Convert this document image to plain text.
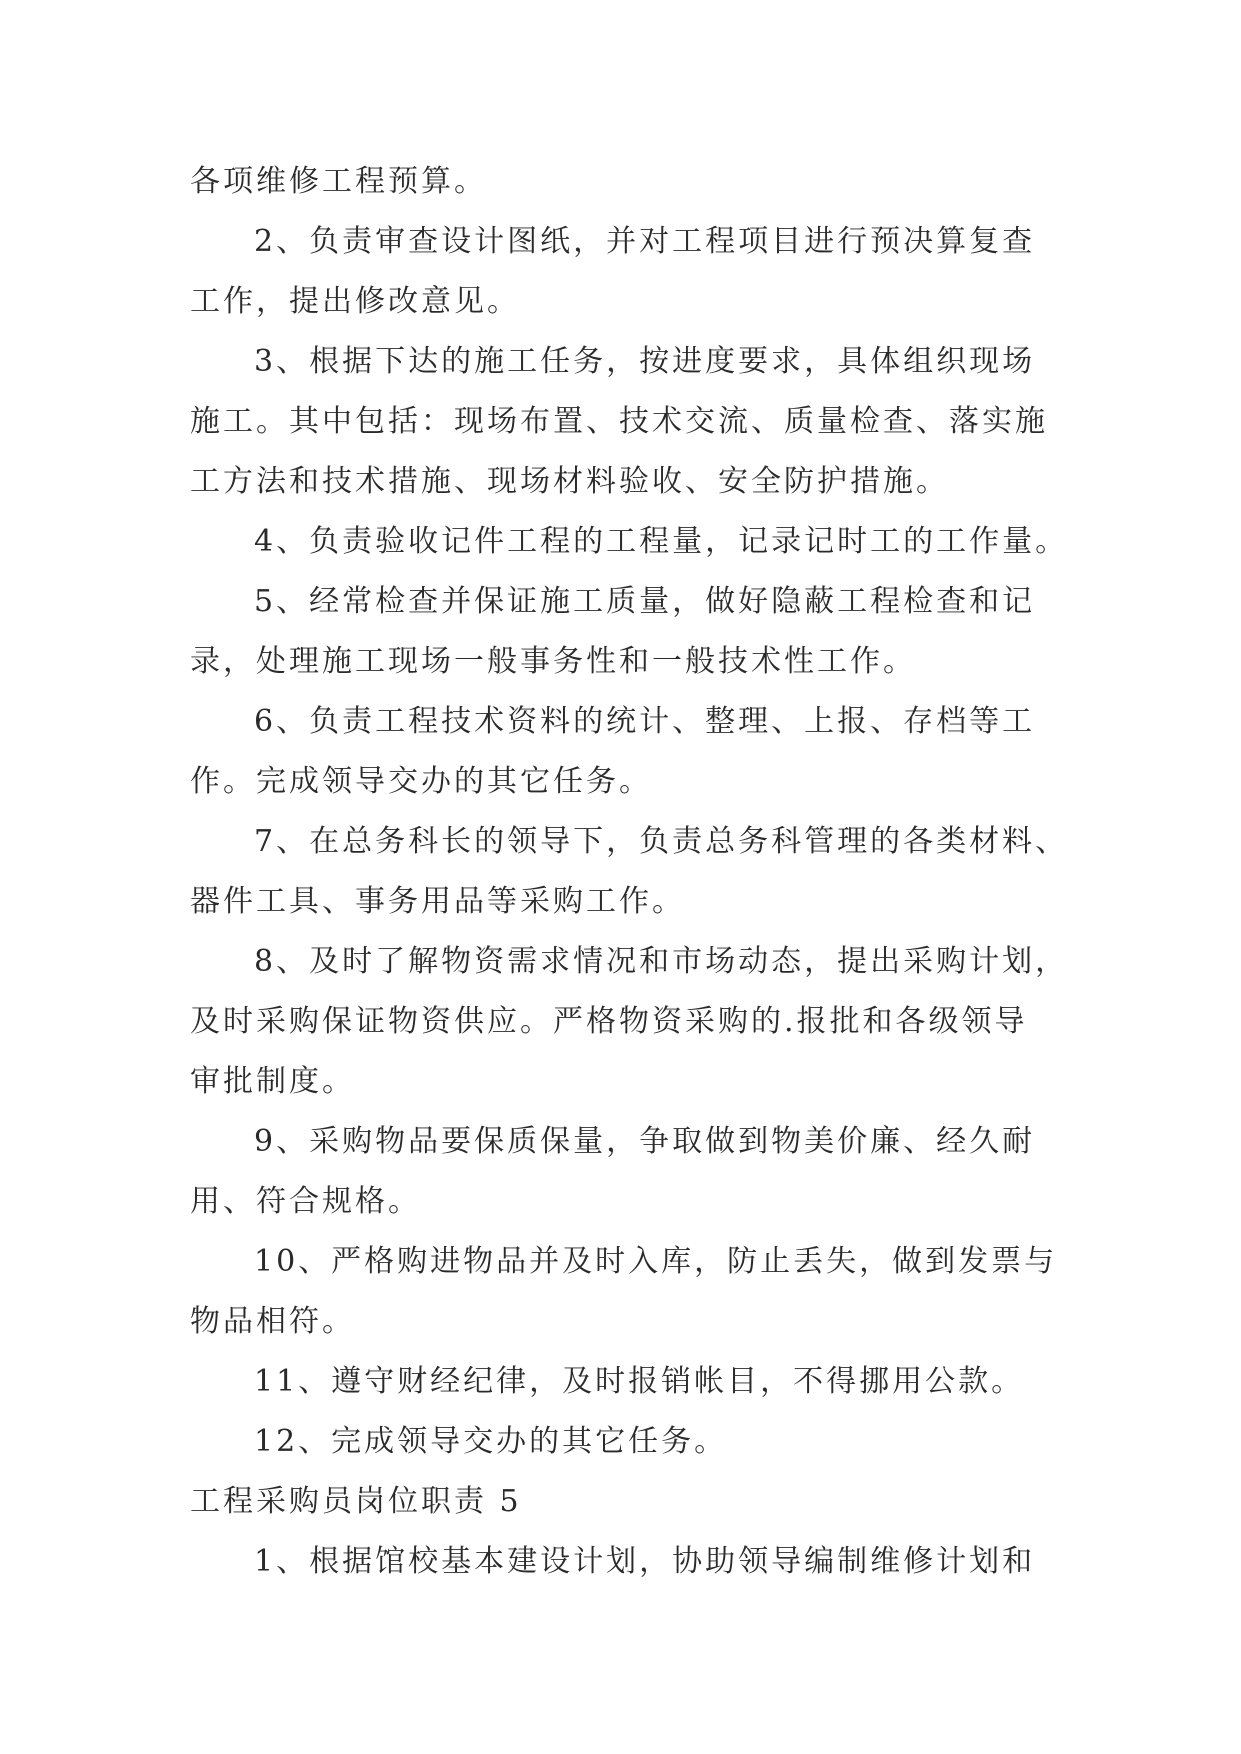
各项维修工程预算。
2、负责审查设计图纸，并对工程项目进行预决算复查
工作，提出修改意见。
3、根据下达的施工任务，按进度要求，具体组织现场
施工。其中包括：现场布置、技术交流、质量检查、落实施
工方法和技术措施、现场材料验收、安全防护措施。
4、负责验收记件工程的工程量，记录记时工的工作量。
5、经常检查并保证施工质量，做好隐蔽工程检查和记
录，处理施工现场一般事务性和一般技术性工作。
6、负责工程技术资料的统计、整理、上报、存档等工
作。完成领导交办的其它任务。
7、在总务科长的领导下，负责总务科管理的各类材料、
器件工具、事务用品等采购工作。
8、及时了解物资需求情况和市场动态，提出采购计划，
及时采购保证物资供应。严格物资采购的.报批和各级领导
审批制度。
9、采购物品要保质保量，争取做到物美价廉、经久耐
用、符合规格。
10、严格购进物品并及时入库，防止丢失，做到发票与
物品相符。
11、遵守财经纪律，及时报销帐目，不得挪用公款。
12、完成领导交办的其它任务。
工程采购员岗位职责 5
1、根据馆校基本建设计划，协助领导编制维修计划和
